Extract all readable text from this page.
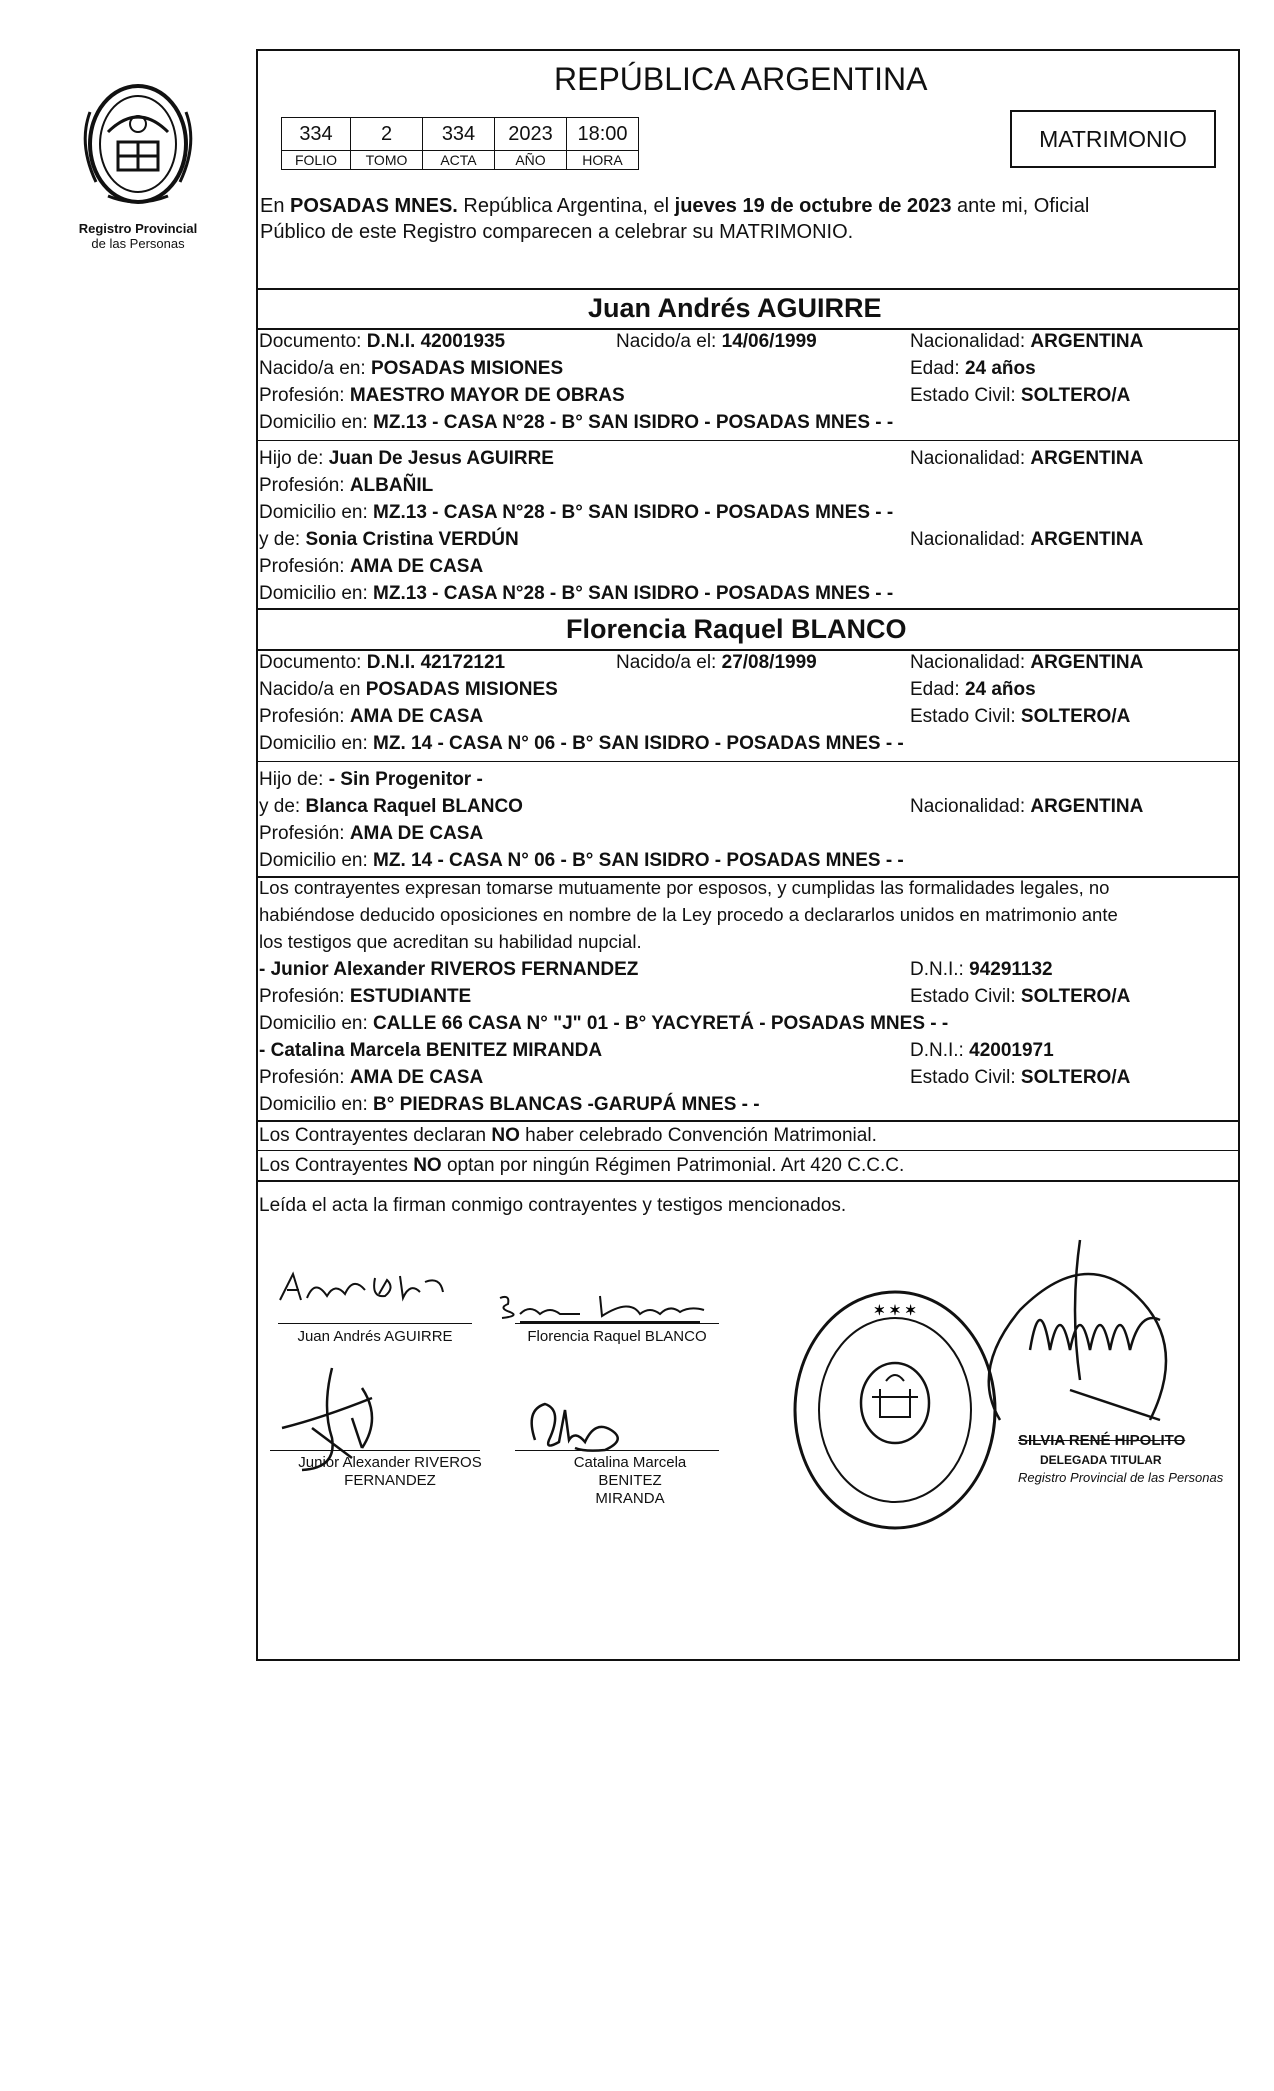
Registro Provincial
de las Personas
REPÚBLICA ARGENTINA
334	2	334	2023	18:00
FOLIO	TOMO	ACTA	AÑO	HORA
MATRIMONIO
En POSADAS MNES. República Argentina, el jueves 19 de octubre de 2023 ante mi, Oficial
Público de este Registro comparecen a celebrar su MATRIMONIO.
Juan Andrés AGUIRRE
Documento: D.N.I. 42001935	Nacido/a el: 14/06/1999	Nacionalidad: ARGENTINA
Nacido/a en: POSADAS MISIONES	Edad: 24 años
Profesión: MAESTRO MAYOR DE OBRAS	Estado Civil: SOLTERO/A
Domicilio en: MZ.13 - CASA N°28 - B° SAN ISIDRO - POSADAS MNES - -
Hijo de: Juan De Jesus AGUIRRE	Nacionalidad: ARGENTINA
Profesión: ALBAÑIL
Domicilio en: MZ.13 - CASA N°28 - B° SAN ISIDRO - POSADAS MNES - -
y de: Sonia Cristina VERDÚN	Nacionalidad: ARGENTINA
Profesión: AMA DE CASA
Domicilio en: MZ.13 - CASA N°28 - B° SAN ISIDRO - POSADAS MNES - -
Florencia Raquel BLANCO
Documento: D.N.I. 42172121	Nacido/a el: 27/08/1999	Nacionalidad: ARGENTINA
Nacido/a en POSADAS MISIONES	Edad: 24 años
Profesión: AMA DE CASA	Estado Civil: SOLTERO/A
Domicilio en: MZ. 14 - CASA N° 06 - B° SAN ISIDRO - POSADAS MNES - -
Hijo de: - Sin Progenitor -
y de: Blanca Raquel BLANCO	Nacionalidad: ARGENTINA
Profesión: AMA DE CASA
Domicilio en: MZ. 14 - CASA N° 06 - B° SAN ISIDRO - POSADAS MNES - -
Los contrayentes expresan tomarse mutuamente por esposos, y cumplidas las formalidades legales, no
habiéndose deducido oposiciones en nombre de la Ley procedo a declararlos unidos en matrimonio ante
los testigos que acreditan su habilidad nupcial.
- Junior Alexander RIVEROS FERNANDEZ	D.N.I.: 94291132
Profesión: ESTUDIANTE	Estado Civil: SOLTERO/A
Domicilio en: CALLE 66 CASA N° "J" 01 - B° YACYRETÁ - POSADAS MNES - -
- Catalina Marcela BENITEZ MIRANDA	D.N.I.: 42001971
Profesión: AMA DE CASA	Estado Civil: SOLTERO/A
Domicilio en: B° PIEDRAS BLANCAS -GARUPÁ MNES - -
Los Contrayentes declaran NO haber celebrado Convención Matrimonial.
Los Contrayentes NO optan por ningún Régimen Patrimonial. Art 420 C.C.C.
Leída el acta la firman conmigo contrayentes y testigos mencionados.
Juan Andrés AGUIRRE	Florencia Raquel BLANCO
Junior Alexander RIVEROS
FERNANDEZ
Catalina Marcela BENITEZ
MIRANDA
✶ ✶ ✶
SILVIA RENÉ HIPOLITO
DELEGADA TITULAR
Registro Provincial de las Personas
